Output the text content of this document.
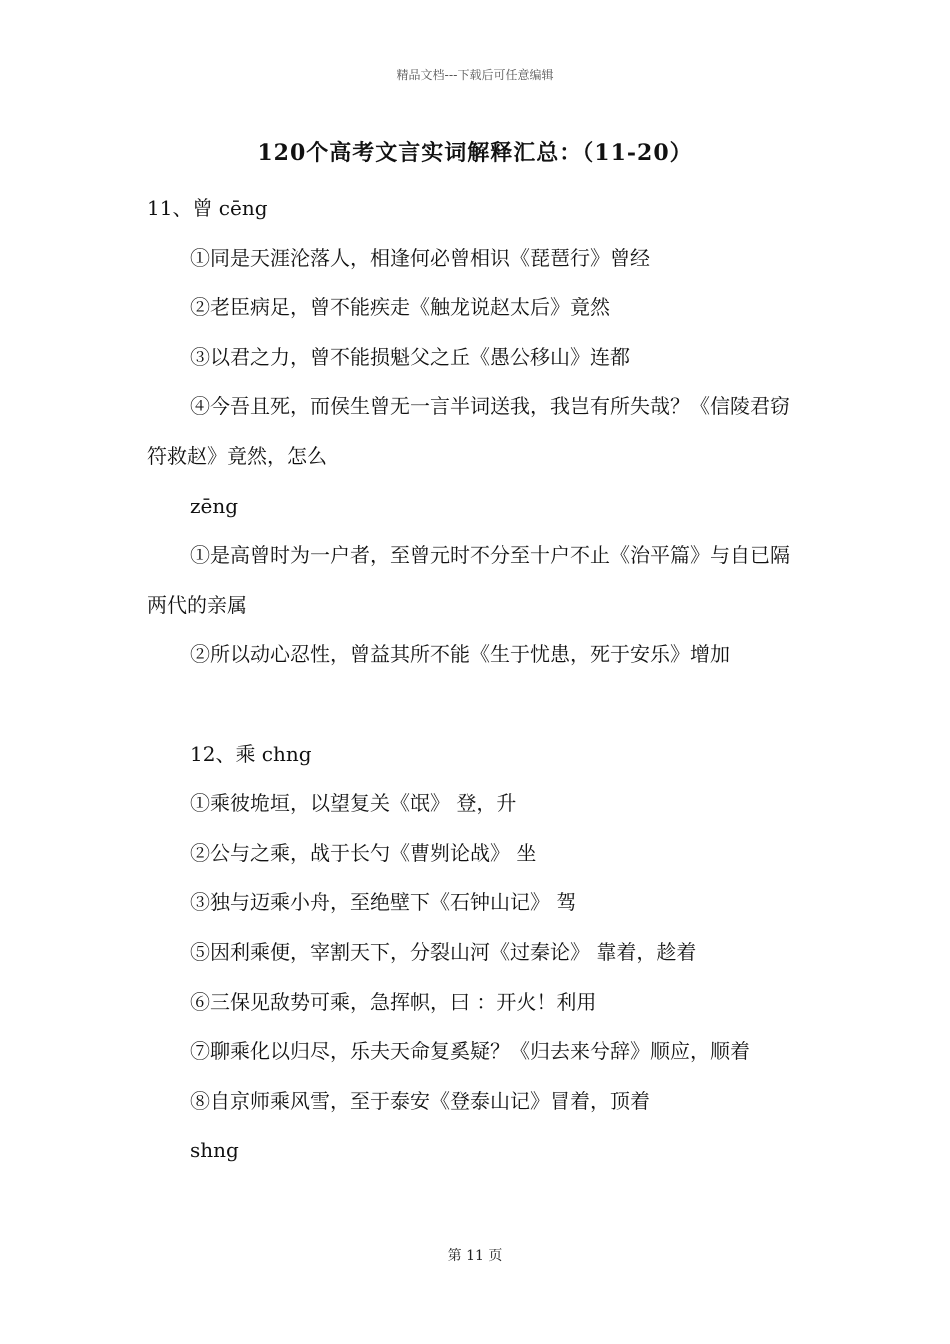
精品文档---下载后可任意编辑
120个高考文言实词解释汇总：（11-20）

11、曾 cēng

①同是天涯沦落人，相逢何必曾相识《琵琶行》曾经

②老臣病足，曾不能疾走《触龙说赵太后》竟然

③以君之力，曾不能损魁父之丘《愚公移山》连都

④今吾且死，而侯生曾无一言半词送我，我岂有所失哉？《信陵君窃符救赵》竟然，怎么

zēng

①是高曾时为一户者，至曾元时不分至十户不止《治平篇》与自已隔两代的亲属

②所以动心忍性，曾益其所不能《生于忧患，死于安乐》增加

12、乘 chng

①乘彼垝垣，以望复关《氓》 登，升

②公与之乘，战于长勺《曹刿论战》 坐

③独与迈乘小舟，至绝壁下《石钟山记》 驾

⑤因利乘便，宰割天下，分裂山河《过秦论》 靠着，趁着

⑥三保见敌势可乘，急挥帜，曰 ：开火！利用

⑦聊乘化以归尽，乐夫天命复奚疑？《归去来兮辞》顺应，顺着

⑧自京师乘风雪，至于泰安《登泰山记》冒着，顶着

shng

第 11 页
